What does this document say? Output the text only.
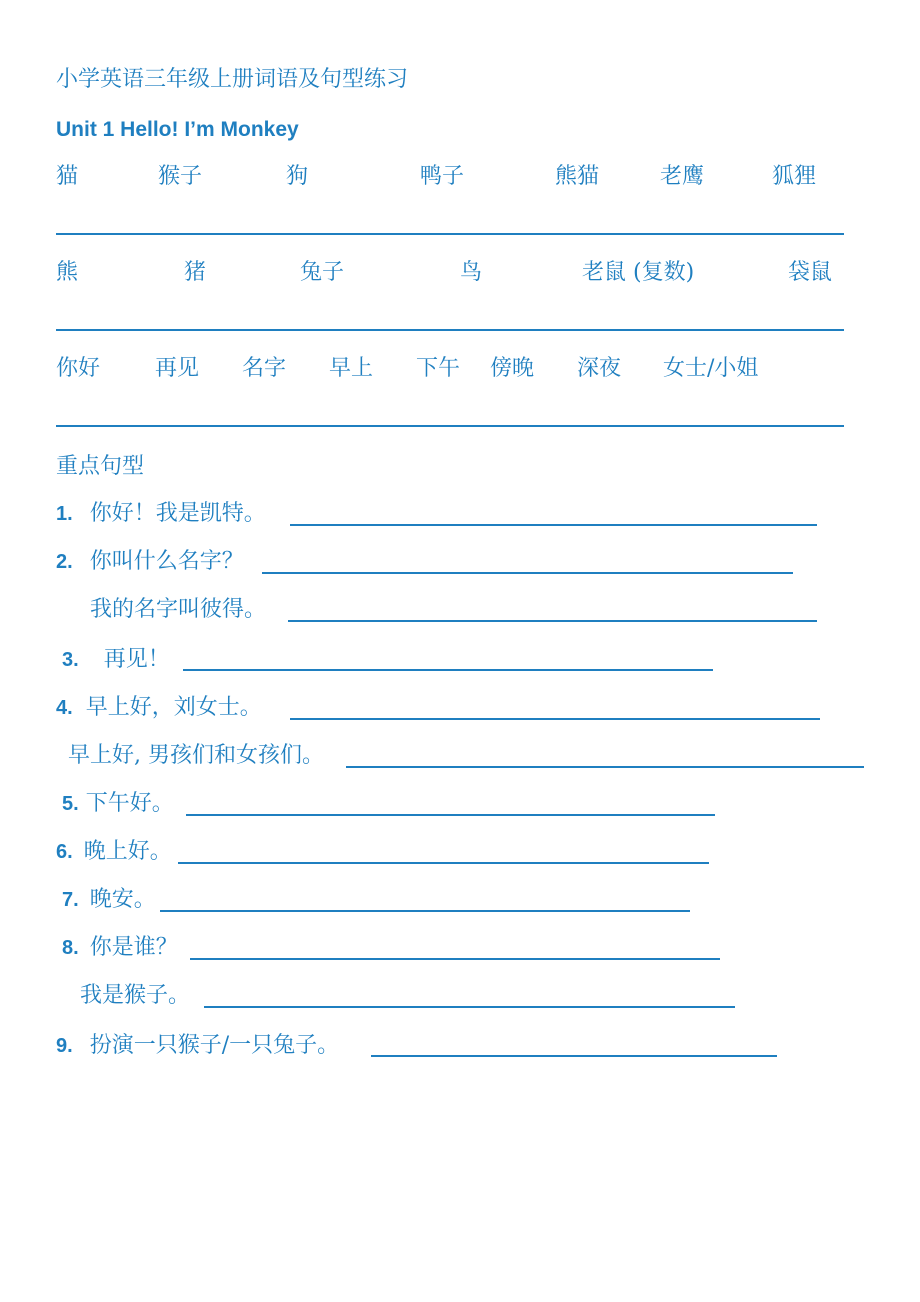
小学英语三年级上册词语及句型练习
Unit 1 Hello! I’m Monkey
猫	猴子	狗	鸭子	熊猫	老鹰	狐狸
熊	猪	兔子	鸟	老鼠 (复数)	袋鼠
你好 再见 名字 早上 下午 傍晚 深夜 女士/小姐
重点句型
1. 你好！我是凯特。
2. 你叫什么名字？
我的名字叫彼得。
3. 再见！
4. 早上好，刘女士。
早上好, 男孩们和女孩们。
5. 下午好。
6. 晚上好。
7. 晚安。
8. 你是谁？
我是猴子。
9. 扮演一只猴子/一只兔子。
